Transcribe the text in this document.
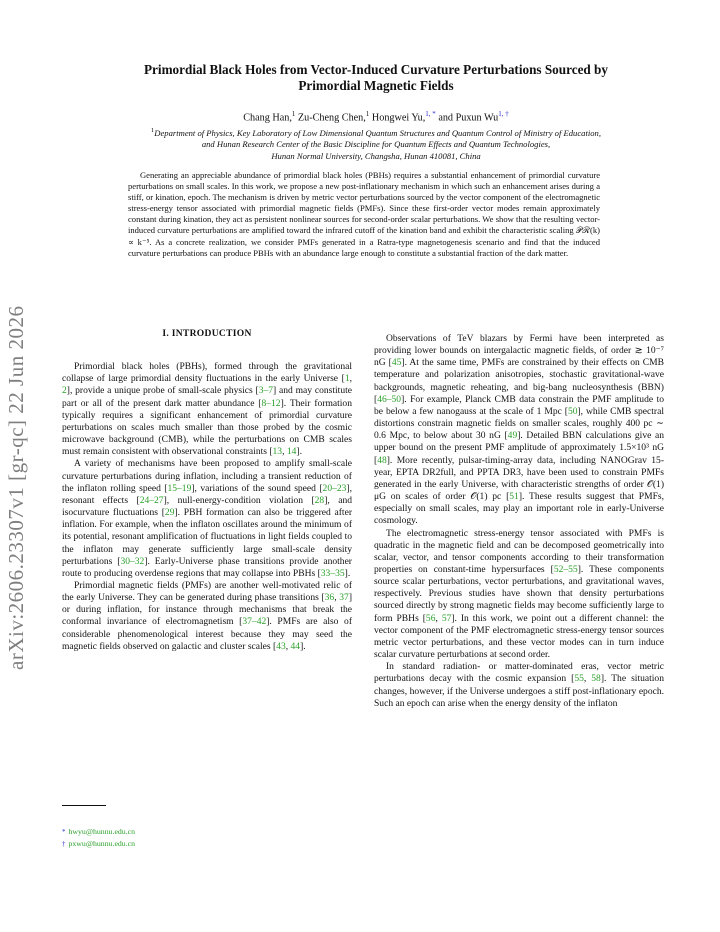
arXiv:2606.23307v1 [gr-qc] 22 Jun 2026
Primordial Black Holes from Vector-Induced Curvature Perturbations Sourced by
Primordial Magnetic Fields
Chang Han,$^1$ Zu-Cheng Chen,$^1$ Hongwei Yu,$^{1, *}$ and Puxun $Wu^{1, \dagger}$
$^1$Department of Physics, Key Laboratory of Low Dimensional Quantum Structures and Quantum Control of Ministry of Education,
and Hunan Research Center of the Basic Discipline for Quantum Effects and Quantum Technologies,
Hunan Normal University, Changsha, Hunan 410081, China

Generating an appreciable abundance of primordial black holes (PBHs) requires a substantial enhancement of primordial curvature perturbations on small scales. In this work, we propose a new post-inflationary mechanism in which such an enhancement arises during a stiff, or kination, epoch. The mechanism is driven by metric vector perturbations sourced by the vector component of the electromagnetic stress-energy tensor associated with primordial magnetic fields (PMFs). Since these first-order vector modes remain approximately constant during kination, they act as persistent nonlinear sources for second-order scalar perturbations. We show that the resulting vector-induced curvature perturbations are amplified toward the infrared cutoff of the kination band and exhibit the characteristic scaling 𝒫ℛ(k) ∝ k⁻⁵. As a concrete realization, we consider PMFs generated in a Ratra-type magnetogenesis scenario and find that the induced curvature perturbations can produce PBHs with an abundance large enough to constitute a substantial fraction of the dark matter.

I. INTRODUCTION

Primordial black holes (PBHs), formed through the gravitational collapse of large primordial density fluctuations in the early Universe [1, 2], provide a unique probe of small-scale physics [3–7] and may constitute part or all of the present dark matter abundance [8–12]. Their formation typically requires a significant enhancement of primordial curvature perturbations on scales much smaller than those probed by the cosmic microwave background (CMB), while the perturbations on CMB scales must remain consistent with observational constraints [13, 14].

A variety of mechanisms have been proposed to amplify small-scale curvature perturbations during inflation, including a transient reduction of the inflaton rolling speed [15–19], variations of the sound speed [20–23], resonant effects [24–27], null-energy-condition violation [28], and isocurvature fluctuations [29]. PBH formation can also be triggered after inflation. For example, when the inflaton oscillates around the minimum of its potential, resonant amplification of fluctuations in light fields coupled to the inflaton may generate sufficiently large small-scale density perturbations [30–32]. Early-Universe phase transitions provide another route to producing overdense regions that may collapse into PBHs [33–35].

Primordial magnetic fields (PMFs) are another well-motivated relic of the early Universe. They can be generated during phase transitions [36, 37] or during inflation, for instance through mechanisms that break the conformal invariance of electromagnetism [37–42]. PMFs are also of considerable phenomenological interest because they may seed the magnetic fields observed on galactic and cluster scales [43, 44].

Observations of TeV blazars by Fermi have been interpreted as providing lower bounds on intergalactic magnetic fields, of order ≳ 10⁻⁷ nG [45]. At the same time, PMFs are constrained by their effects on CMB temperature and polarization anisotropies, stochastic gravitational-wave backgrounds, magnetic reheating, and big-bang nucleosynthesis (BBN) [46–50]. For example, Planck CMB data constrain the PMF amplitude to be below a few nanogauss at the scale of 1 Mpc [50], while CMB spectral distortions constrain magnetic fields on smaller scales, roughly 400 pc ∼ 0.6 Mpc, to below about 30 nG [49]. Detailed BBN calculations give an upper bound on the present PMF amplitude of approximately 1.5×10³ nG [48]. More recently, pulsar-timing-array data, including NANOGrav 15-year, EPTA DR2full, and PPTA DR3, have been used to constrain PMFs generated in the early Universe, with characteristic strengths of order 𝒪(1) μG on scales of order 𝒪(1) pc [51]. These results suggest that PMFs, especially on small scales, may play an important role in early-Universe cosmology.

The electromagnetic stress-energy tensor associated with PMFs is quadratic in the magnetic field and can be decomposed geometrically into scalar, vector, and tensor components according to their transformation properties on constant-time hypersurfaces [52–55]. These components source scalar perturbations, vector perturbations, and gravitational waves, respectively. Previous studies have shown that density perturbations sourced directly by strong magnetic fields may become sufficiently large to form PBHs [56, 57]. In this work, we point out a different channel: the vector component of the PMF electromagnetic stress-energy tensor sources metric vector perturbations, and these vector modes can in turn induce scalar curvature perturbations at second order.

In standard radiation- or matter-dominated eras, vector metric perturbations decay with the cosmic expansion [55, 58]. The situation changes, however, if the Universe undergoes a stiff post-inflationary epoch. Such an epoch can arise when the energy density of the inflaton

* hwyu@hunnu.edu.cn
† pxwu@hunnu.edu.cn
